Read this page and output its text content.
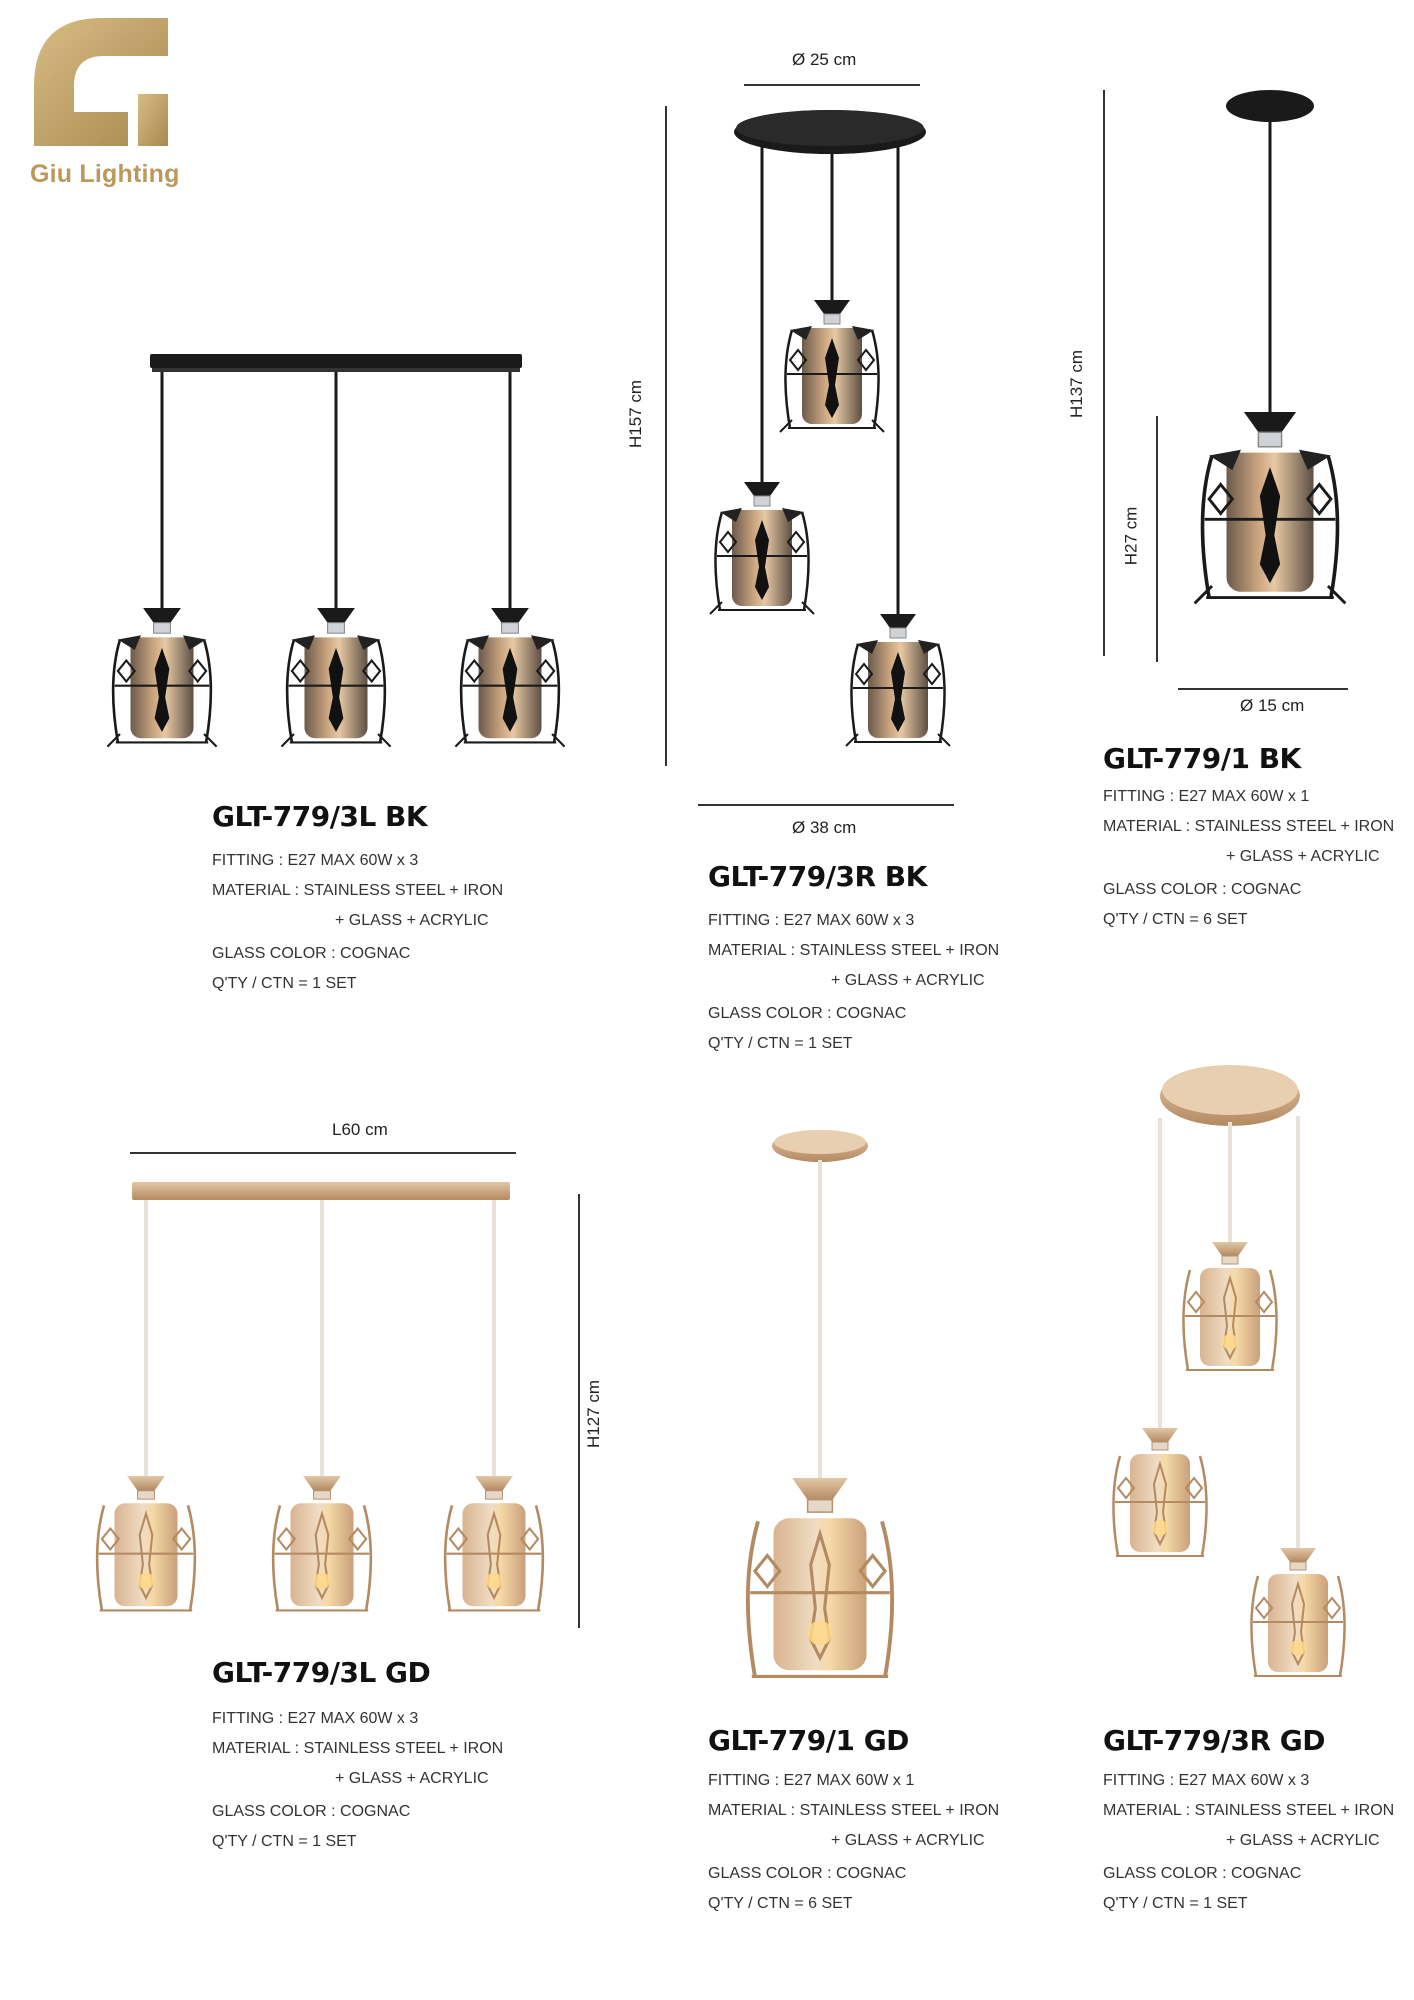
Giu Lighting
GLT-779/3L BK
FITTING : E27 MAX 60W x 3
MATERIAL : STAINLESS STEEL + IRON
+ GLASS + ACRYLIC
GLASS COLOR : COGNAC
Q'TY / CTN = 1 SET
Ø 25 cm
H157 cm
Ø 38 cm
GLT-779/3R BK
FITTING : E27 MAX 60W x 3
MATERIAL : STAINLESS STEEL + IRON
+ GLASS + ACRYLIC
GLASS COLOR : COGNAC
Q'TY / CTN = 1 SET
H137 cm
H27 cm
Ø 15 cm
GLT-779/1 BK
FITTING : E27 MAX 60W x 1
MATERIAL : STAINLESS STEEL + IRON
+ GLASS + ACRYLIC
GLASS COLOR : COGNAC
Q'TY / CTN = 6 SET
L60 cm
H127 cm
GLT-779/3L GD
FITTING : E27 MAX 60W x 3
MATERIAL : STAINLESS STEEL + IRON
+ GLASS + ACRYLIC
GLASS COLOR : COGNAC
Q'TY / CTN = 1 SET
GLT-779/1 GD
FITTING : E27 MAX 60W x 1
MATERIAL : STAINLESS STEEL + IRON
+ GLASS + ACRYLIC
GLASS COLOR : COGNAC
Q'TY / CTN = 6 SET
GLT-779/3R GD
FITTING : E27 MAX 60W x 3
MATERIAL : STAINLESS STEEL + IRON
+ GLASS + ACRYLIC
GLASS COLOR : COGNAC
Q'TY / CTN = 1 SET
